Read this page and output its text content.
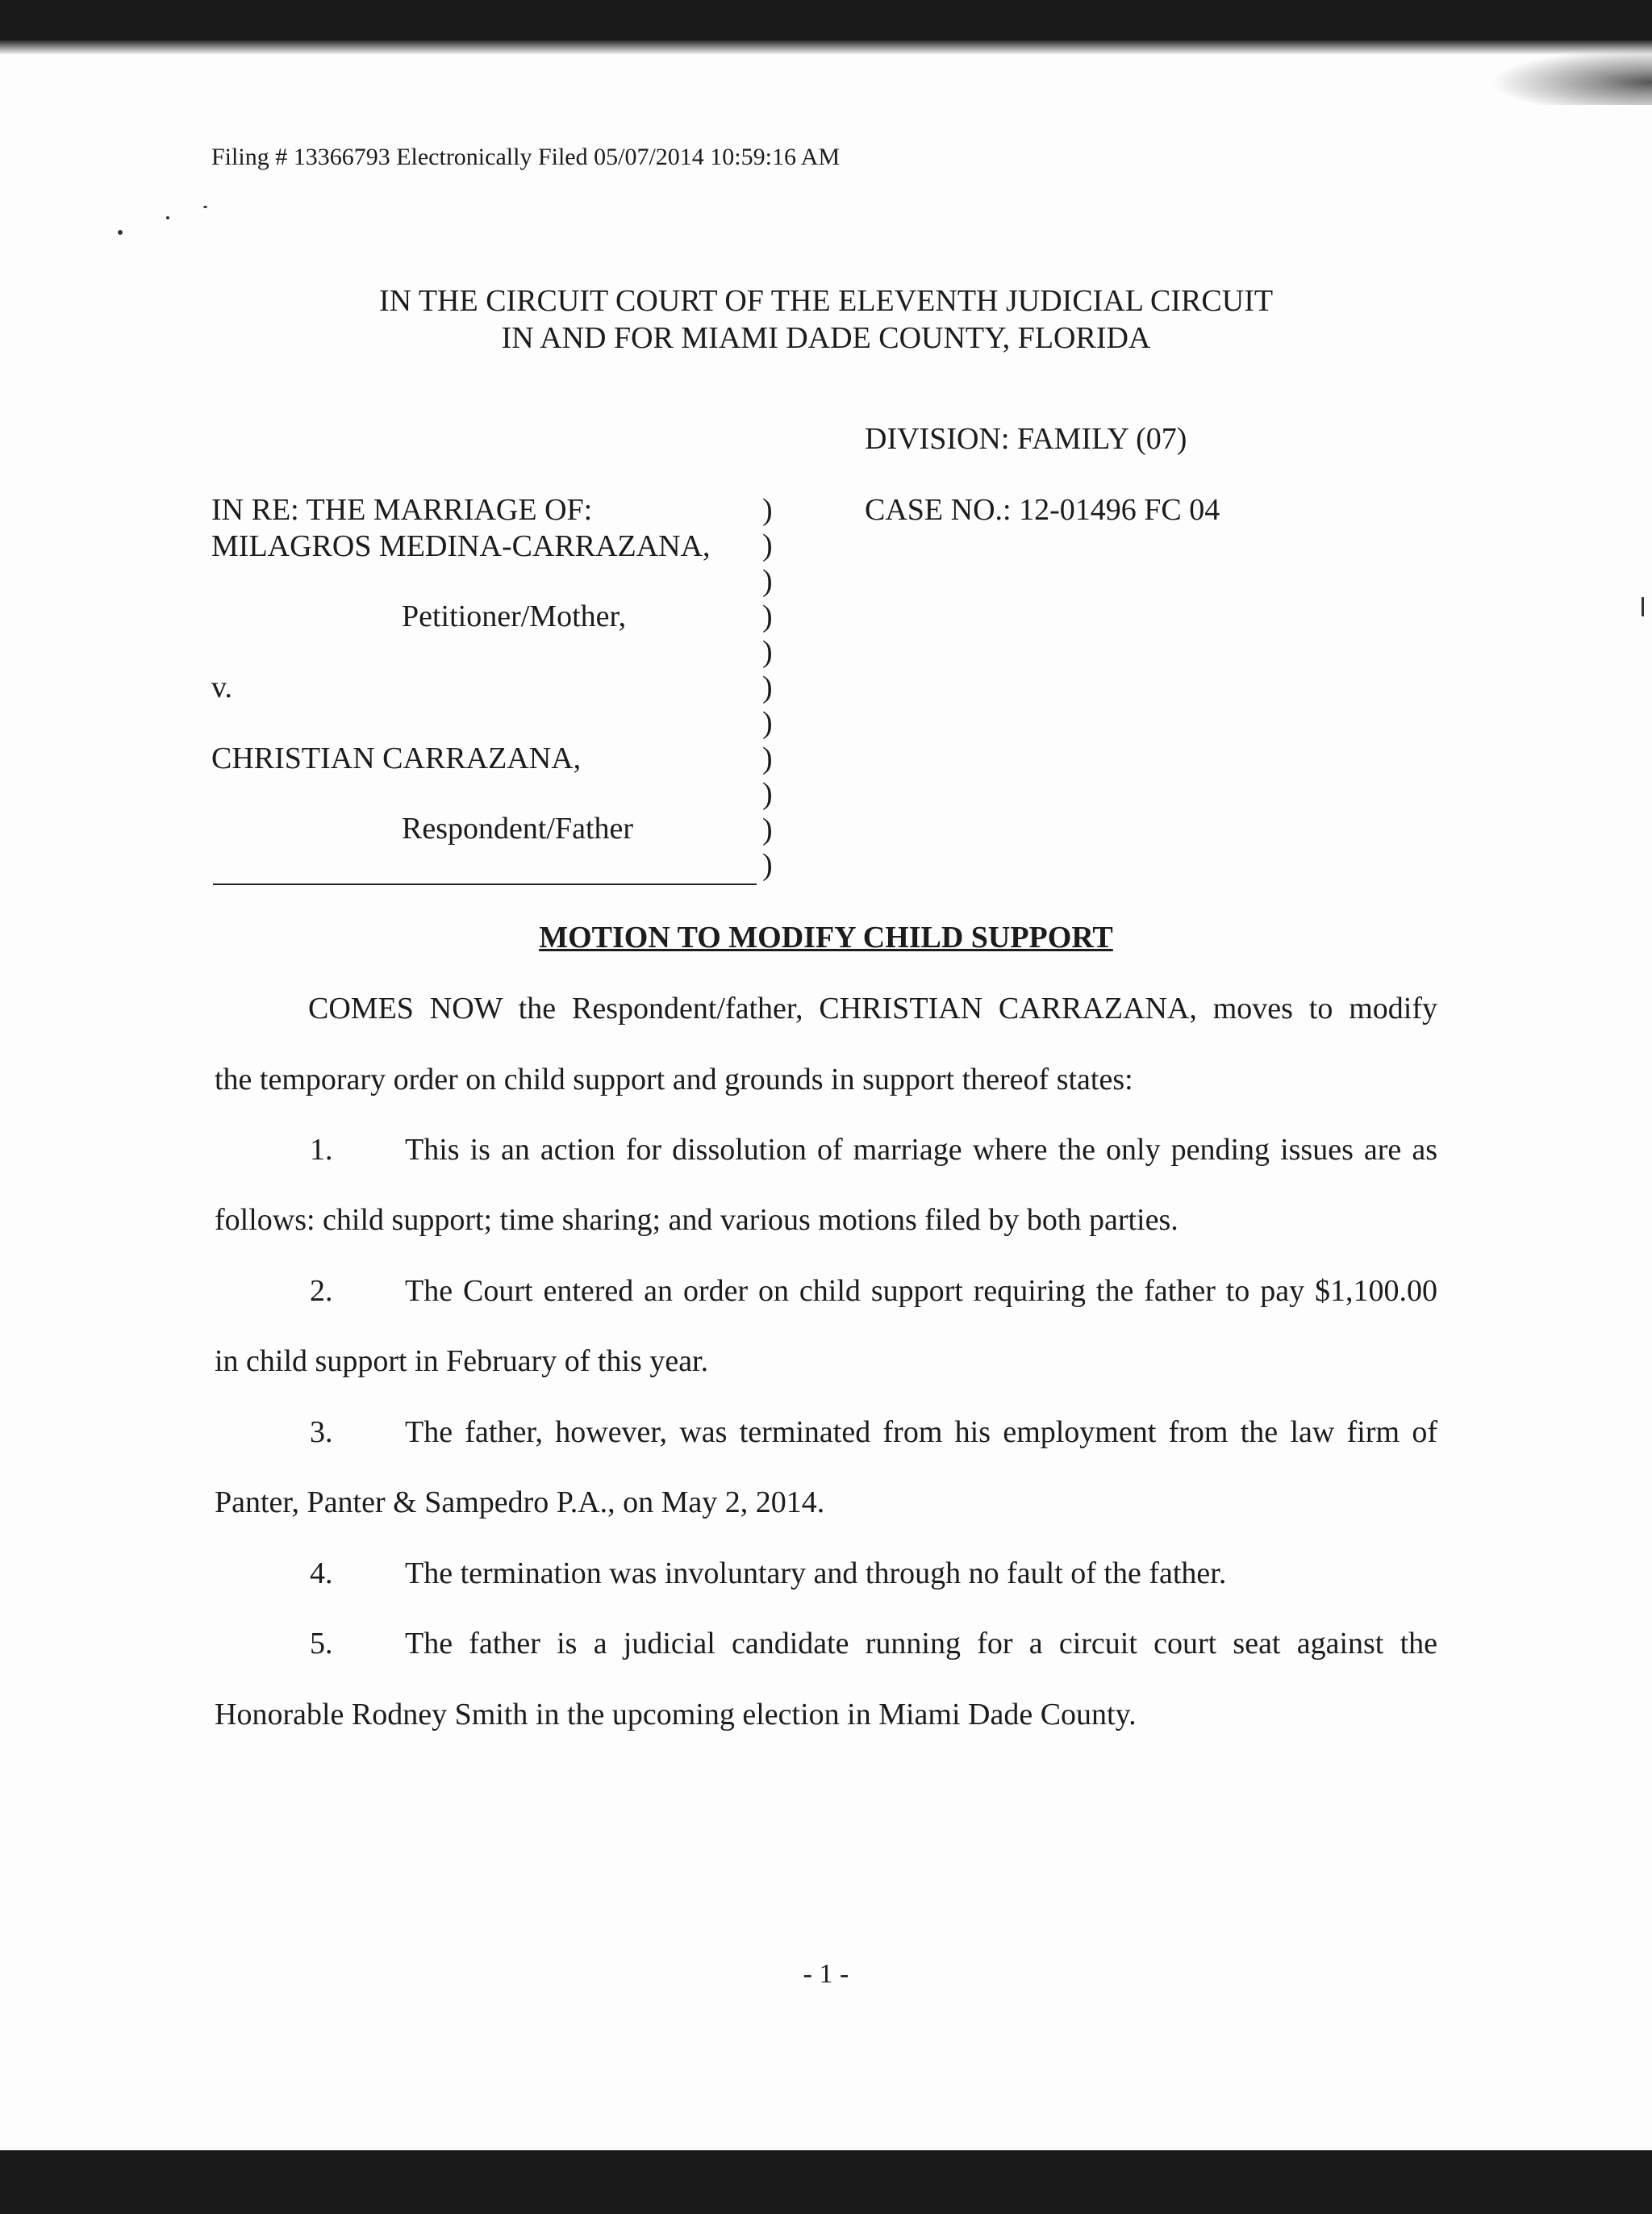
Filing # 13366793 Electronically Filed 05/07/2014 10:59:16 AM
IN THE CIRCUIT COURT OF THE ELEVENTH JUDICIAL CIRCUIT
IN AND FOR MIAMI DADE COUNTY, FLORIDA
DIVISION: FAMILY (07)
CASE NO.: 12-01496 FC 04
IN RE: THE MARRIAGE OF:
MILAGROS MEDINA-CARRAZANA,
Petitioner/Mother,
v.
CHRISTIAN CARRAZANA,
Respondent/Father
)
)
)
)
)
)
)
)
)
)
)
MOTION TO MODIFY CHILD SUPPORT
COMES NOW the Respondent/father, CHRISTIAN CARRAZANA, moves to modify
the temporary order on child support and grounds in support thereof states:
1. This is an action for dissolution of marriage where the only pending issues are as
follows: child support; time sharing; and various motions filed by both parties.
2. The Court entered an order on child support requiring the father to pay $1,100.00
in child support in February of this year.
3. The father, however, was terminated from his employment from the law firm of
Panter, Panter & Sampedro P.A., on May 2, 2014.
4. The termination was involuntary and through no fault of the father.
5. The father is a judicial candidate running for a circuit court seat against the
Honorable Rodney Smith in the upcoming election in Miami Dade County.
- 1 -
